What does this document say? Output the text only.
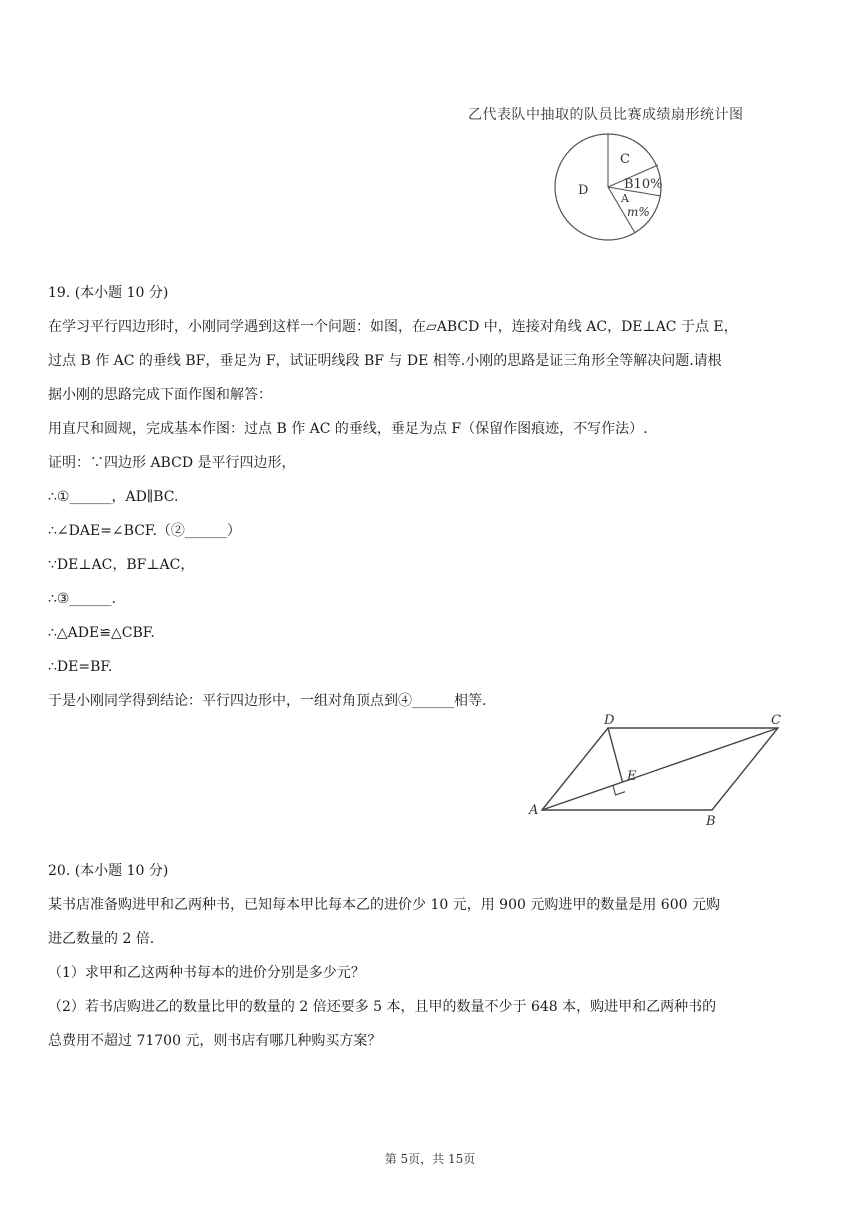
乙代表队中抽取的队员比赛成绩扇形统计图
C
B10%
A
m%
D
19. (本小题 10 分)
在学习平行四边形时，小刚同学遇到这样一个问题：如图，在▱ABCD 中，连接对角线 AC，DE⊥AC 于点 E，
过点 B 作 AC 的垂线 BF，垂足为 F，试证明线段 BF 与 DE 相等.小刚的思路是证三角形全等解决问题.请根
据小刚的思路完成下面作图和解答：
用直尺和圆规，完成基本作图：过点 B 作 AC 的垂线，垂足为点 F（保留作图痕迹，不写作法）.
证明：∵四边形 ABCD 是平行四边形，
∴①______，AD∥BC.
∴∠DAE=∠BCF.（②______）
∵DE⊥AC，BF⊥AC，
∴③______.
∴△ADE≌△CBF.
∴DE=BF.
于是小刚同学得到结论：平行四边形中，一组对角顶点到④______相等.
D	C
E
A
B
20. (本小题 10 分)
某书店准备购进甲和乙两种书，已知每本甲比每本乙的进价少 10 元，用 900 元购进甲的数量是用 600 元购
进乙数量的 2 倍.
（1）求甲和乙这两种书每本的进价分别是多少元？
（2）若书店购进乙的数量比甲的数量的 2 倍还要多 5 本，且甲的数量不少于 648 本，购进甲和乙两种书的
总费用不超过 71700 元，则书店有哪几种购买方案？
第 5页，共 15页
